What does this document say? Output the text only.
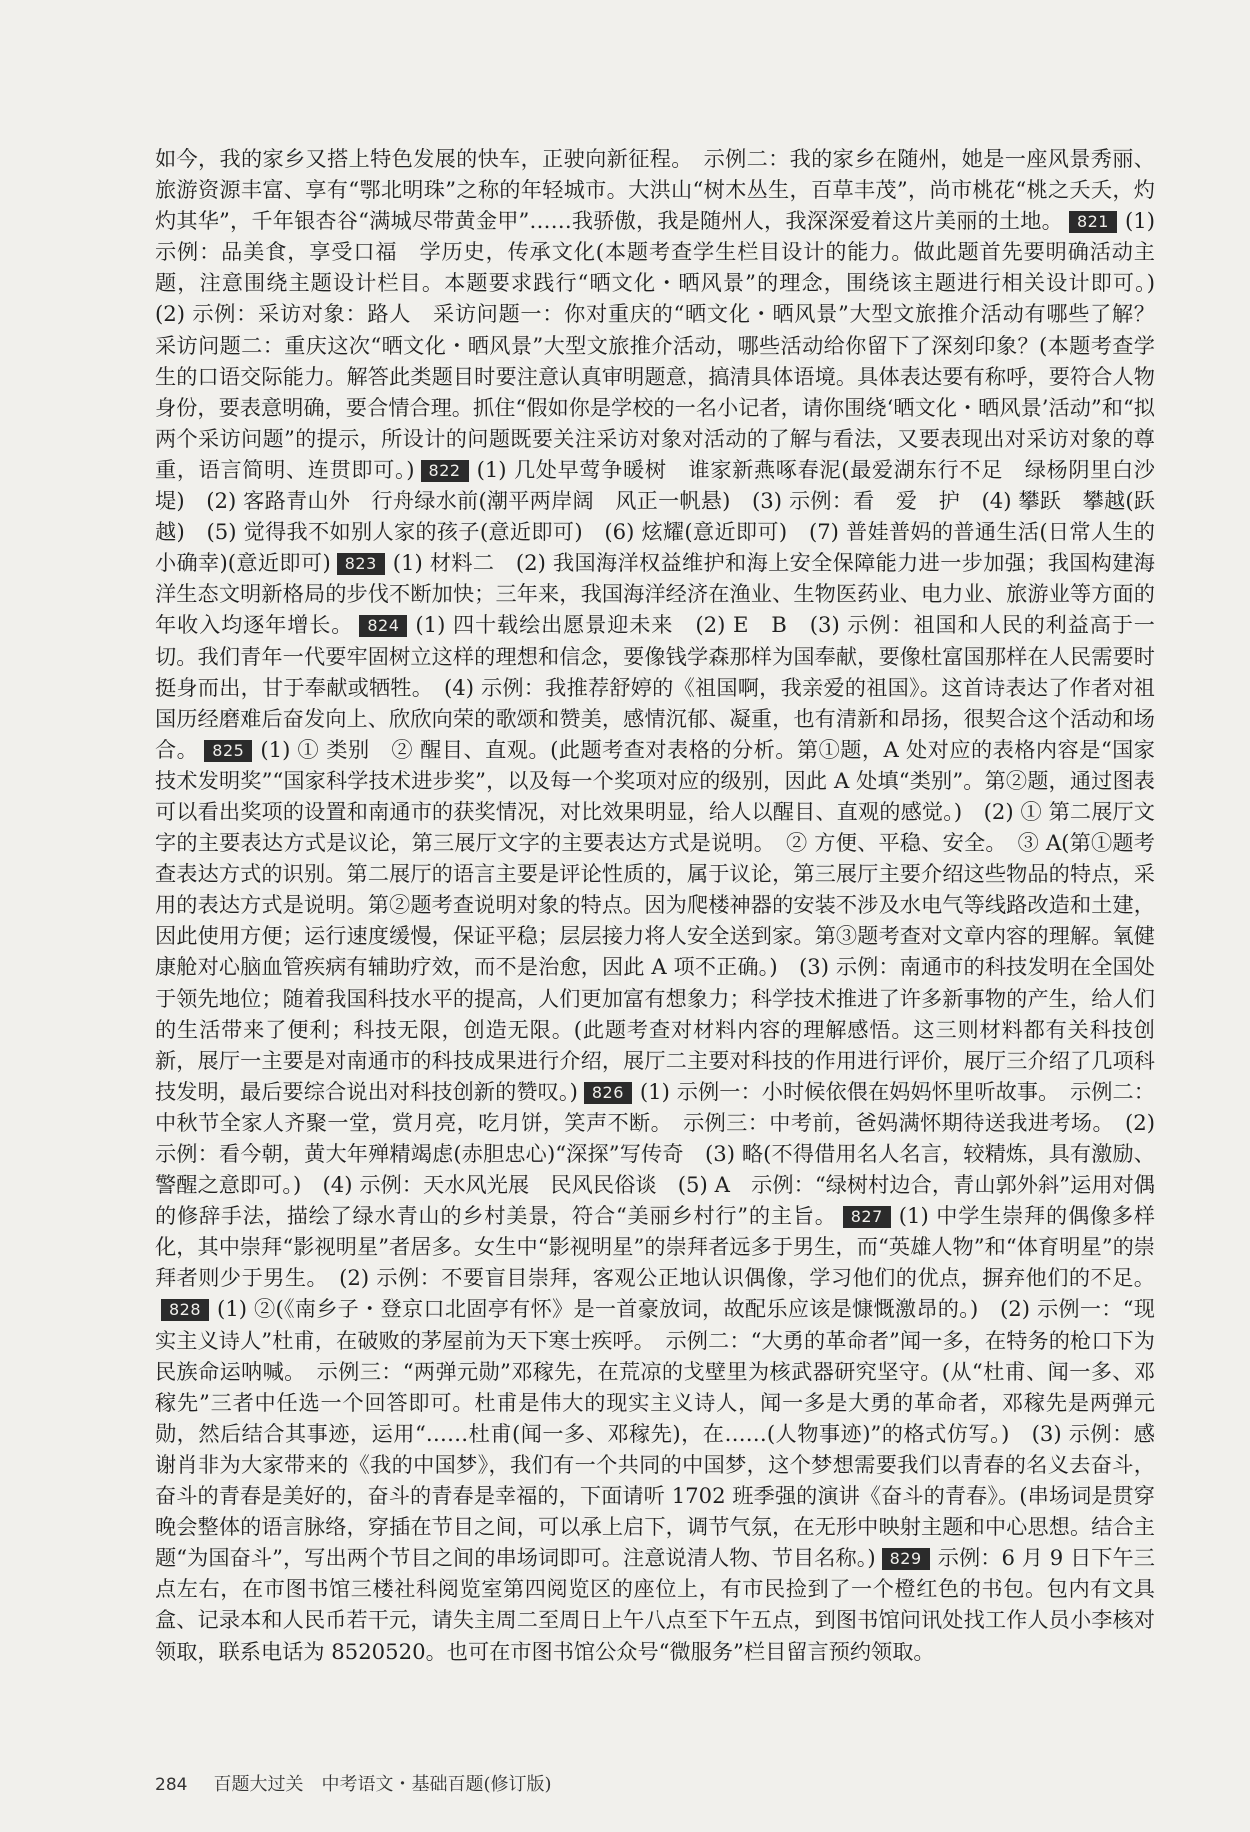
如今，我的家乡又搭上特色发展的快车，正驶向新征程。　示例二：我的家乡在随州，她是一座风景秀丽、旅游资源丰富、享有“鄂北明珠”之称的年轻城市。大洪山“树木丛生，百草丰茂”，尚市桃花“桃之夭夭，灼灼其华”，千年银杏谷“满城尽带黄金甲”……我骄傲，我是随州人，我深深爱着这片美丽的土地。 821 (1) 示例：品美食，享受口福　学历史，传承文化(本题考查学生栏目设计的能力。做此题首先要明确活动主题，注意围绕主题设计栏目。本题要求践行“晒文化・晒风景”的理念，围绕该主题进行相关设计即可。)　(2) 示例：采访对象：路人　采访问题一：你对重庆的“晒文化・晒风景”大型文旅推介活动有哪些了解？　采访问题二：重庆这次“晒文化・晒风景”大型文旅推介活动，哪些活动给你留下了深刻印象？(本题考查学生的口语交际能力。解答此类题目时要注意认真审明题意，搞清具体语境。具体表达要有称呼，要符合人物身份，要表意明确，要合情合理。抓住“假如你是学校的一名小记者，请你围绕‘晒文化・晒风景’活动”和“拟两个采访问题”的提示，所设计的问题既要关注采访对象对活动的了解与看法，又要表现出对采访对象的尊重，语言简明、连贯即可。) 822 (1) 几处早莺争暖树　谁家新燕啄春泥(最爱湖东行不足　绿杨阴里白沙堤)　(2) 客路青山外　行舟绿水前(潮平两岸阔　风正一帆悬)　(3) 示例：看　爱　护　(4) 攀跃　攀越(跃越)　(5) 觉得我不如别人家的孩子(意近即可)　(6) 炫耀(意近即可)　(7) 普娃普妈的普通生活(日常人生的小确幸)(意近即可) 823 (1) 材料二　(2) 我国海洋权益维护和海上安全保障能力进一步加强；我国构建海洋生态文明新格局的步伐不断加快；三年来，我国海洋经济在渔业、生物医药业、电力业、旅游业等方面的年收入均逐年增长。 824 (1) 四十载绘出愿景迎未来　(2) E　B　(3) 示例：祖国和人民的利益高于一切。我们青年一代要牢固树立这样的理想和信念，要像钱学森那样为国奉献，要像杜富国那样在人民需要时挺身而出，甘于奉献或牺牲。　(4) 示例：我推荐舒婷的《祖国啊，我亲爱的祖国》。这首诗表达了作者对祖国历经磨难后奋发向上、欣欣向荣的歌颂和赞美，感情沉郁、凝重，也有清新和昂扬，很契合这个活动和场合。 825 (1) ① 类别　② 醒目、直观。(此题考查对表格的分析。第①题，A 处对应的表格内容是“国家技术发明奖”“国家科学技术进步奖”，以及每一个奖项对应的级别，因此 A 处填“类别”。第②题，通过图表可以看出奖项的设置和南通市的获奖情况，对比效果明显，给人以醒目、直观的感觉。)　(2) ① 第二展厅文字的主要表达方式是议论，第三展厅文字的主要表达方式是说明。　② 方便、平稳、安全。　③ A(第①题考查表达方式的识别。第二展厅的语言主要是评论性质的，属于议论，第三展厅主要介绍这些物品的特点，采用的表达方式是说明。第②题考查说明对象的特点。因为爬楼神器的安装不涉及水电气等线路改造和土建，因此使用方便；运行速度缓慢，保证平稳；层层接力将人安全送到家。第③题考查对文章内容的理解。氧健康舱对心脑血管疾病有辅助疗效，而不是治愈，因此 A 项不正确。)　(3) 示例：南通市的科技发明在全国处于领先地位；随着我国科技水平的提高，人们更加富有想象力；科学技术推进了许多新事物的产生，给人们的生活带来了便利；科技无限，创造无限。(此题考查对材料内容的理解感悟。这三则材料都有关科技创新，展厅一主要是对南通市的科技成果进行介绍，展厅二主要对科技的作用进行评价，展厅三介绍了几项科技发明，最后要综合说出对科技创新的赞叹。) 826 (1) 示例一：小时候依偎在妈妈怀里听故事。　示例二：中秋节全家人齐聚一堂，赏月亮，吃月饼，笑声不断。　示例三：中考前，爸妈满怀期待送我进考场。　(2) 示例：看今朝，黄大年殚精竭虑(赤胆忠心)“深探”写传奇　(3) 略(不得借用名人名言，较精炼，具有激励、警醒之意即可。)　(4) 示例：天水风光展　民风民俗谈　(5) A　示例：“绿树村边合，青山郭外斜”运用对偶的修辞手法，描绘了绿水青山的乡村美景，符合“美丽乡村行”的主旨。 827 (1) 中学生崇拜的偶像多样化，其中崇拜“影视明星”者居多。女生中“影视明星”的崇拜者远多于男生，而“英雄人物”和“体育明星”的崇拜者则少于男生。　(2) 示例：不要盲目崇拜，客观公正地认识偶像，学习他们的优点，摒弃他们的不足。828 (1) ②(《南乡子・登京口北固亭有怀》是一首豪放词，故配乐应该是慷慨激昂的。)　(2) 示例一：“现实主义诗人”杜甫，在破败的茅屋前为天下寒士疾呼。　示例二：“大勇的革命者”闻一多，在特务的枪口下为民族命运呐喊。　示例三：“两弹元勋”邓稼先，在荒凉的戈壁里为核武器研究坚守。(从“杜甫、闻一多、邓稼先”三者中任选一个回答即可。杜甫是伟大的现实主义诗人，闻一多是大勇的革命者，邓稼先是两弹元勋，然后结合其事迹，运用“……杜甫(闻一多、邓稼先)，在……(人物事迹)”的格式仿写。)　(3) 示例：感谢肖非为大家带来的《我的中国梦》，我们有一个共同的中国梦，这个梦想需要我们以青春的名义去奋斗，奋斗的青春是美好的，奋斗的青春是幸福的，下面请听 1702 班季强的演讲《奋斗的青春》。(串场词是贯穿晚会整体的语言脉络，穿插在节目之间，可以承上启下，调节气氛，在无形中映射主题和中心思想。结合主题“为国奋斗”，写出两个节目之间的串场词即可。注意说清人物、节目名称。) 829 示例：6 月 9 日下午三点左右，在市图书馆三楼社科阅览室第四阅览区的座位上，有市民捡到了一个橙红色的书包。包内有文具盒、记录本和人民币若干元，请失主周二至周日上午八点至下午五点，到图书馆问讯处找工作人员小李核对领取，联系电话为 8520520。也可在市图书馆公众号“微服务”栏目留言预约领取。
284 百题大过关　中考语文・基础百题(修订版)
